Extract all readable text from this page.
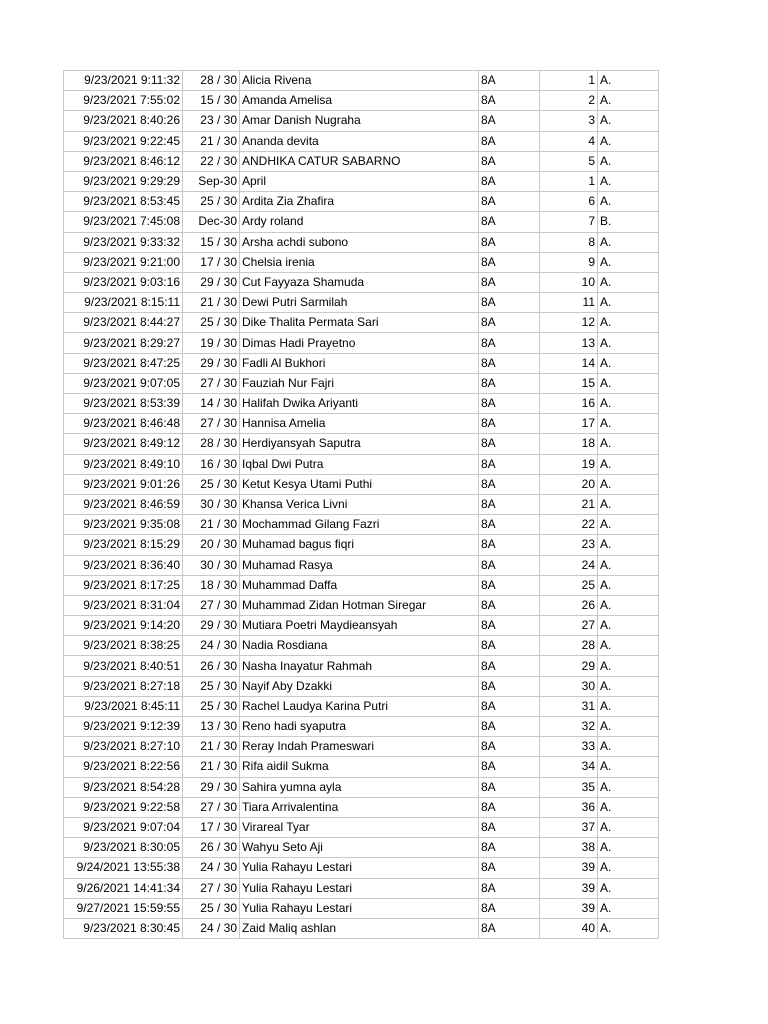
9/23/2021 9:11:32	28 / 30	Alicia Rivena	8A	1	A.
9/23/2021 7:55:02	15 / 30	Amanda Amelisa	8A	2	A.
9/23/2021 8:40:26	23 / 30	Amar Danish Nugraha	8A	3	A.
9/23/2021 9:22:45	21 / 30	Ananda devita	8A	4	A.
9/23/2021 8:46:12	22 / 30	ANDHIKA CATUR SABARNO	8A	5	A.
9/23/2021 9:29:29	Sep-30	April	8A	1	A.
9/23/2021 8:53:45	25 / 30	Ardita Zia Zhafira	8A	6	A.
9/23/2021 7:45:08	Dec-30	Ardy roland	8A	7	B.
9/23/2021 9:33:32	15 / 30	Arsha achdi subono	8A	8	A.
9/23/2021 9:21:00	17 / 30	Chelsia irenia	8A	9	A.
9/23/2021 9:03:16	29 / 30	Cut Fayyaza Shamuda	8A	10	A.
9/23/2021 8:15:11	21 / 30	Dewi Putri Sarmilah	8A	11	A.
9/23/2021 8:44:27	25 / 30	Dike Thalita Permata Sari	8A	12	A.
9/23/2021 8:29:27	19 / 30	Dimas Hadi Prayetno	8A	13	A.
9/23/2021 8:47:25	29 / 30	Fadli Al Bukhori	8A	14	A.
9/23/2021 9:07:05	27 / 30	Fauziah Nur Fajri	8A	15	A.
9/23/2021 8:53:39	14 / 30	Halifah Dwika Ariyanti	8A	16	A.
9/23/2021 8:46:48	27 / 30	Hannisa Amelia	8A	17	A.
9/23/2021 8:49:12	28 / 30	Herdiyansyah Saputra	8A	18	A.
9/23/2021 8:49:10	16 / 30	Iqbal Dwi Putra	8A	19	A.
9/23/2021 9:01:26	25 / 30	Ketut Kesya Utami Puthi	8A	20	A.
9/23/2021 8:46:59	30 / 30	Khansa Verica Livni	8A	21	A.
9/23/2021 9:35:08	21 / 30	Mochammad Gilang Fazri	8A	22	A.
9/23/2021 8:15:29	20 / 30	Muhamad bagus fiqri	8A	23	A.
9/23/2021 8:36:40	30 / 30	Muhamad Rasya	8A	24	A.
9/23/2021 8:17:25	18 / 30	Muhammad Daffa	8A	25	A.
9/23/2021 8:31:04	27 / 30	Muhammad Zidan Hotman Siregar	8A	26	A.
9/23/2021 9:14:20	29 / 30	Mutiara Poetri Maydieansyah	8A	27	A.
9/23/2021 8:38:25	24 / 30	Nadia Rosdiana	8A	28	A.
9/23/2021 8:40:51	26 / 30	Nasha Inayatur Rahmah	8A	29	A.
9/23/2021 8:27:18	25 / 30	Nayif Aby Dzakki	8A	30	A.
9/23/2021 8:45:11	25 / 30	Rachel Laudya Karina Putri	8A	31	A.
9/23/2021 9:12:39	13 / 30	Reno hadi syaputra	8A	32	A.
9/23/2021 8:27:10	21 / 30	Reray Indah Prameswari	8A	33	A.
9/23/2021 8:22:56	21 / 30	Rifa aidil Sukma	8A	34	A.
9/23/2021 8:54:28	29 / 30	Sahira yumna ayla	8A	35	A.
9/23/2021 9:22:58	27 / 30	Tiara Arrivalentina	8A	36	A.
9/23/2021 9:07:04	17 / 30	Virareal Tyar	8A	37	A.
9/23/2021 8:30:05	26 / 30	Wahyu Seto Aji	8A	38	A.
9/24/2021 13:55:38	24 / 30	Yulia Rahayu Lestari	8A	39	A.
9/26/2021 14:41:34	27 / 30	Yulia Rahayu Lestari	8A	39	A.
9/27/2021 15:59:55	25 / 30	Yulia Rahayu Lestari	8A	39	A.
9/23/2021 8:30:45	24 / 30	Zaid Maliq ashlan	8A	40	A.
